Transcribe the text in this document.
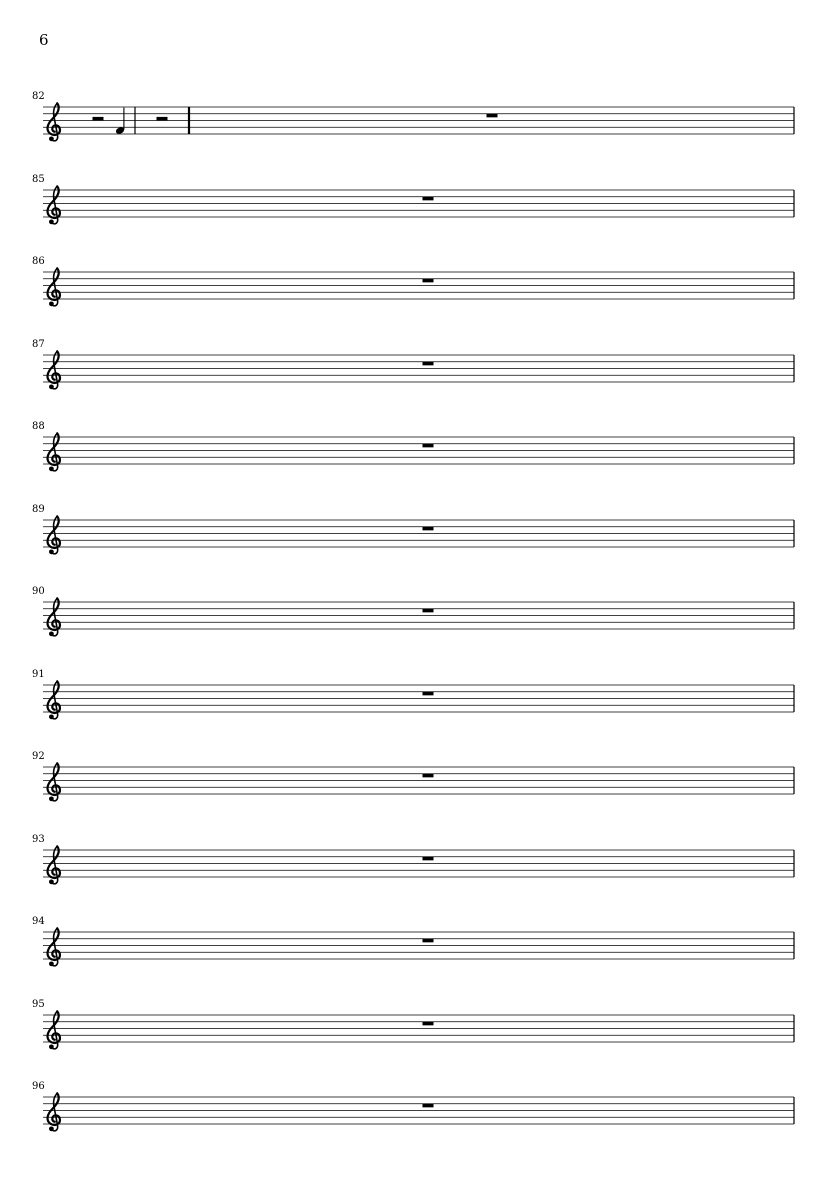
6
82
85
86
87
88
89
90
91
92
93
94
95
96
